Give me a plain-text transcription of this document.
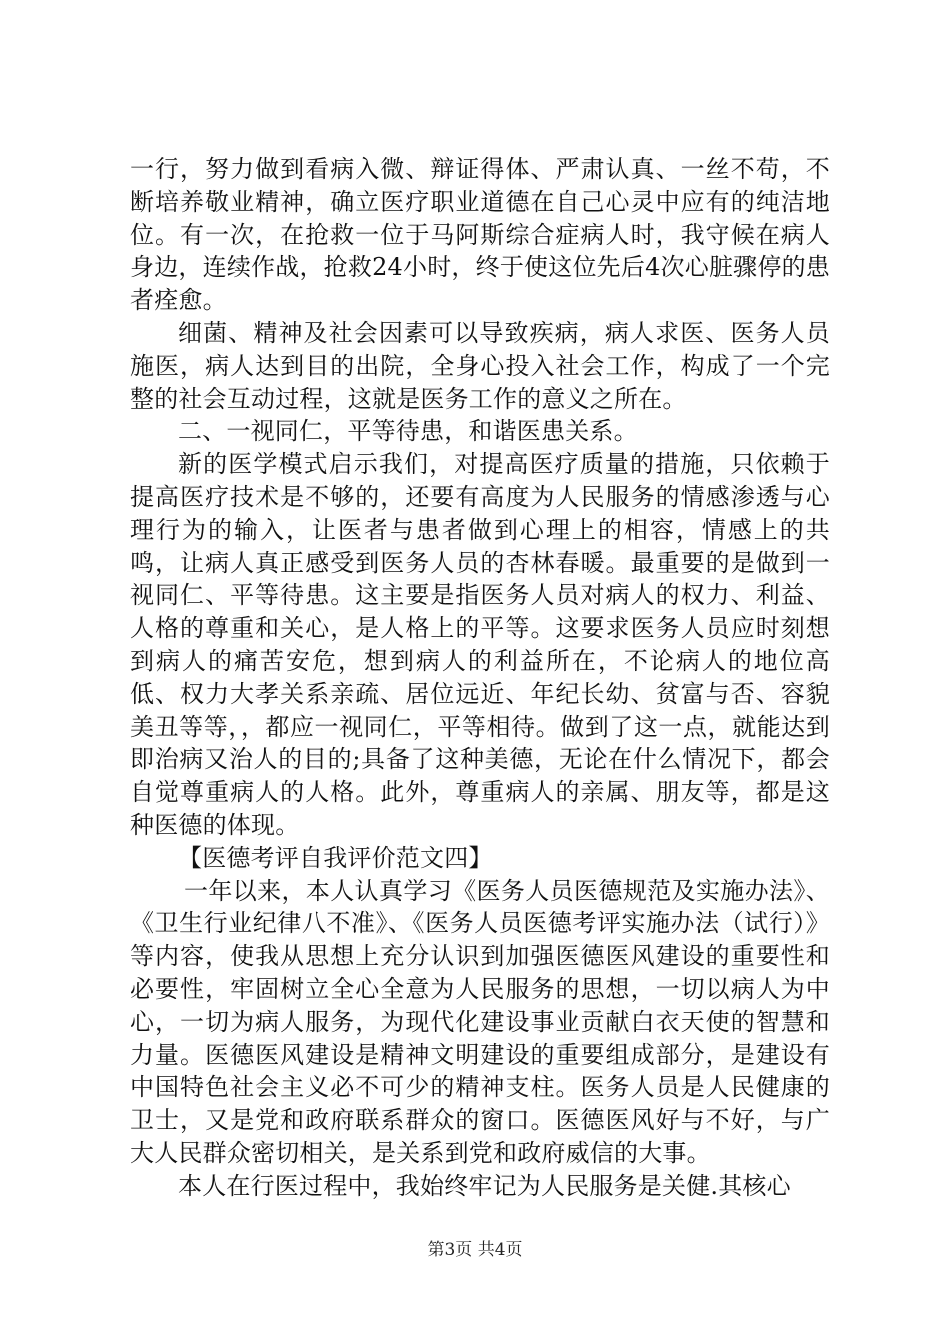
一行，努力做到看病入微、辩证得体、严肃认真、一丝不苟，不断培养敬业精神，确立医疗职业道德在自己心灵中应有的纯洁地位。有一次，在抢救一位于马阿斯综合症病人时，我守候在病人身边，连续作战，抢救24小时，终于使这位先后4次心脏骤停的患者痊愈。

细菌、精神及社会因素可以导致疾病，病人求医、医务人员施医，病人达到目的出院，全身心投入社会工作，构成了一个完整的社会互动过程，这就是医务工作的意义之所在。

二、一视同仁，平等待患，和谐医患关系。

新的医学模式启示我们，对提高医疗质量的措施，只依赖于提高医疗技术是不够的，还要有高度为人民服务的情感渗透与心理行为的输入，让医者与患者做到心理上的相容，情感上的共鸣，让病人真正感受到医务人员的杏林春暖。最重要的是做到一视同仁、平等待患。这主要是指医务人员对病人的权力、利益、人格的尊重和关心，是人格上的平等。这要求医务人员应时刻想到病人的痛苦安危，想到病人的利益所在，不论病人的地位高低、权力大孝关系亲疏、居位远近、年纪长幼、贫富与否、容貌美丑等等，，都应一视同仁，平等相待。做到了这一点，就能达到即治病又治人的目的;具备了这种美德，无论在什么情况下，都会自觉尊重病人的人格。此外，尊重病人的亲属、朋友等，都是这种医德的体现。

【医德考评自我评价范文四】

一年以来，本人认真学习《医务人员医德规范及实施办法》、《卫生行业纪律八不准》、《医务人员医德考评实施办法（试行）》等内容，使我从思想上充分认识到加强医德医风建设的重要性和必要性，牢固树立全心全意为人民服务的思想，一切以病人为中心，一切为病人服务，为现代化建设事业贡献白衣天使的智慧和力量。医德医风建设是精神文明建设的重要组成部分，是建设有中国特色社会主义必不可少的精神支柱。医务人员是人民健康的卫士，又是党和政府联系群众的窗口。医德医风好与不好，与广大人民群众密切相关，是关系到党和政府威信的大事。

本人在行医过程中，我始终牢记为人民服务是关健.其核心

第3页 共4页
